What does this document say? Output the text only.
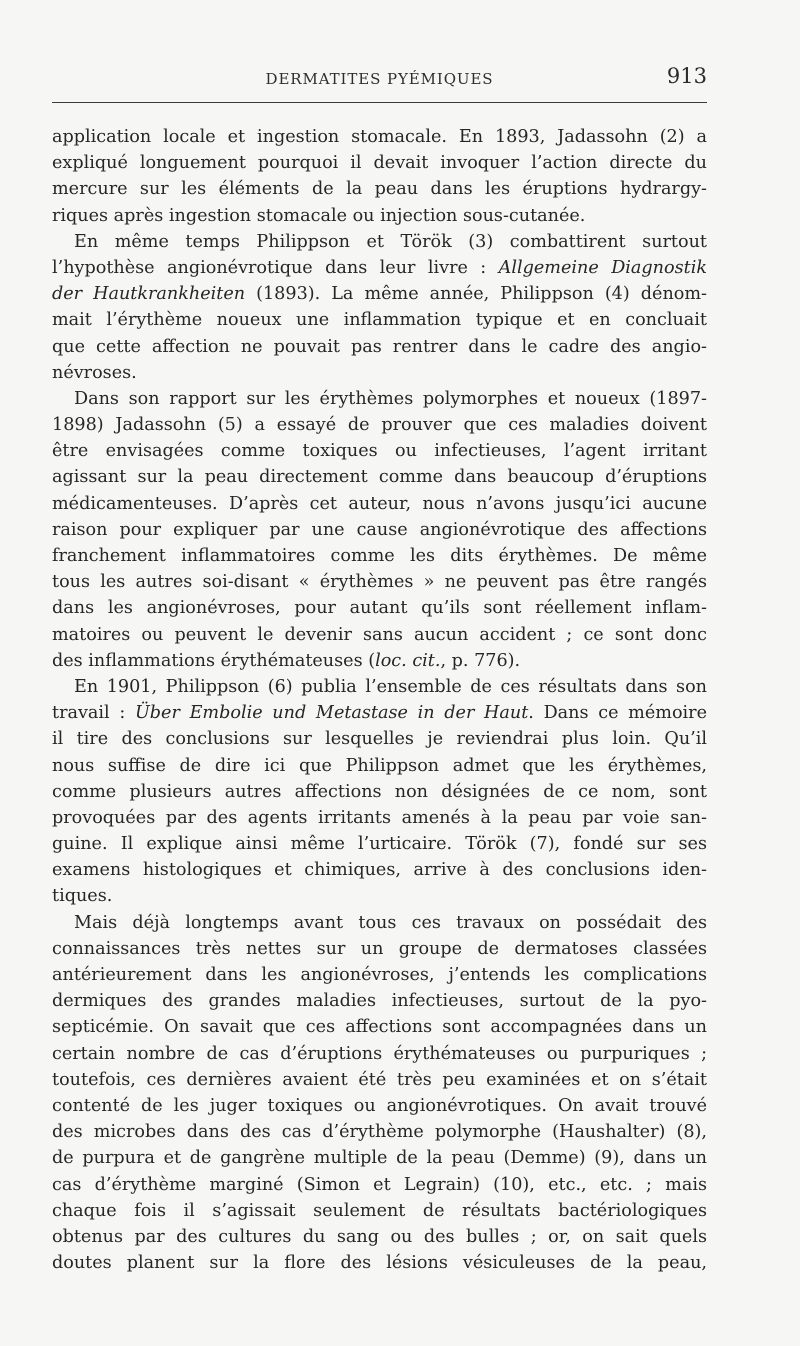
DERMATITES PYÉMIQUES	913
application locale et ingestion stomacale. En 1893, Jadassohn (2) a
expliqué longuement pourquoi il devait invoquer l’action directe du
mercure sur les éléments de la peau dans les éruptions hydrargy-
riques après ingestion stomacale ou injection sous-cutanée.
En même temps Philippson et Török (3) combattirent surtout
l’hypothèse angionévrotique dans leur livre : Allgemeine Diagnostik
der Hautkrankheiten (1893). La même année, Philippson (4) dénom-
mait l’érythème noueux une inflammation typique et en concluait
que cette affection ne pouvait pas rentrer dans le cadre des angio-
névroses.
Dans son rapport sur les érythèmes polymorphes et noueux (1897-
1898) Jadassohn (5) a essayé de prouver que ces maladies doivent
être envisagées comme toxiques ou infectieuses, l’agent irritant
agissant sur la peau directement comme dans beaucoup d’éruptions
médicamenteuses. D’après cet auteur, nous n’avons jusqu’ici aucune
raison pour expliquer par une cause angionévrotique des affections
franchement inflammatoires comme les dits érythèmes. De même
tous les autres soi-disant « érythèmes » ne peuvent pas être rangés
dans les angionévroses, pour autant qu’ils sont réellement inflam-
matoires ou peuvent le devenir sans aucun accident ; ce sont donc
des inflammations érythémateuses (loc. cit., p. 776).
En 1901, Philippson (6) publia l’ensemble de ces résultats dans son
travail : Über Embolie und Metastase in der Haut. Dans ce mémoire
il tire des conclusions sur lesquelles je reviendrai plus loin. Qu’il
nous suffise de dire ici que Philippson admet que les érythèmes,
comme plusieurs autres affections non désignées de ce nom, sont
provoquées par des agents irritants amenés à la peau par voie san-
guine. Il explique ainsi même l’urticaire. Török (7), fondé sur ses
examens histologiques et chimiques, arrive à des conclusions iden-
tiques.
Mais déjà longtemps avant tous ces travaux on possédait des
connaissances très nettes sur un groupe de dermatoses classées
antérieurement dans les angionévroses, j’entends les complications
dermiques des grandes maladies infectieuses, surtout de la pyo-
septicémie. On savait que ces affections sont accompagnées dans un
certain nombre de cas d’éruptions érythémateuses ou purpuriques ;
toutefois, ces dernières avaient été très peu examinées et on s’était
contenté de les juger toxiques ou angionévrotiques. On avait trouvé
des microbes dans des cas d’érythème polymorphe (Haushalter) (8),
de purpura et de gangrène multiple de la peau (Demme) (9), dans un
cas d’érythème marginé (Simon et Legrain) (10), etc., etc. ; mais
chaque fois il s’agissait seulement de résultats bactériologiques
obtenus par des cultures du sang ou des bulles ; or, on sait quels
doutes planent sur la flore des lésions vésiculeuses de la peau,
